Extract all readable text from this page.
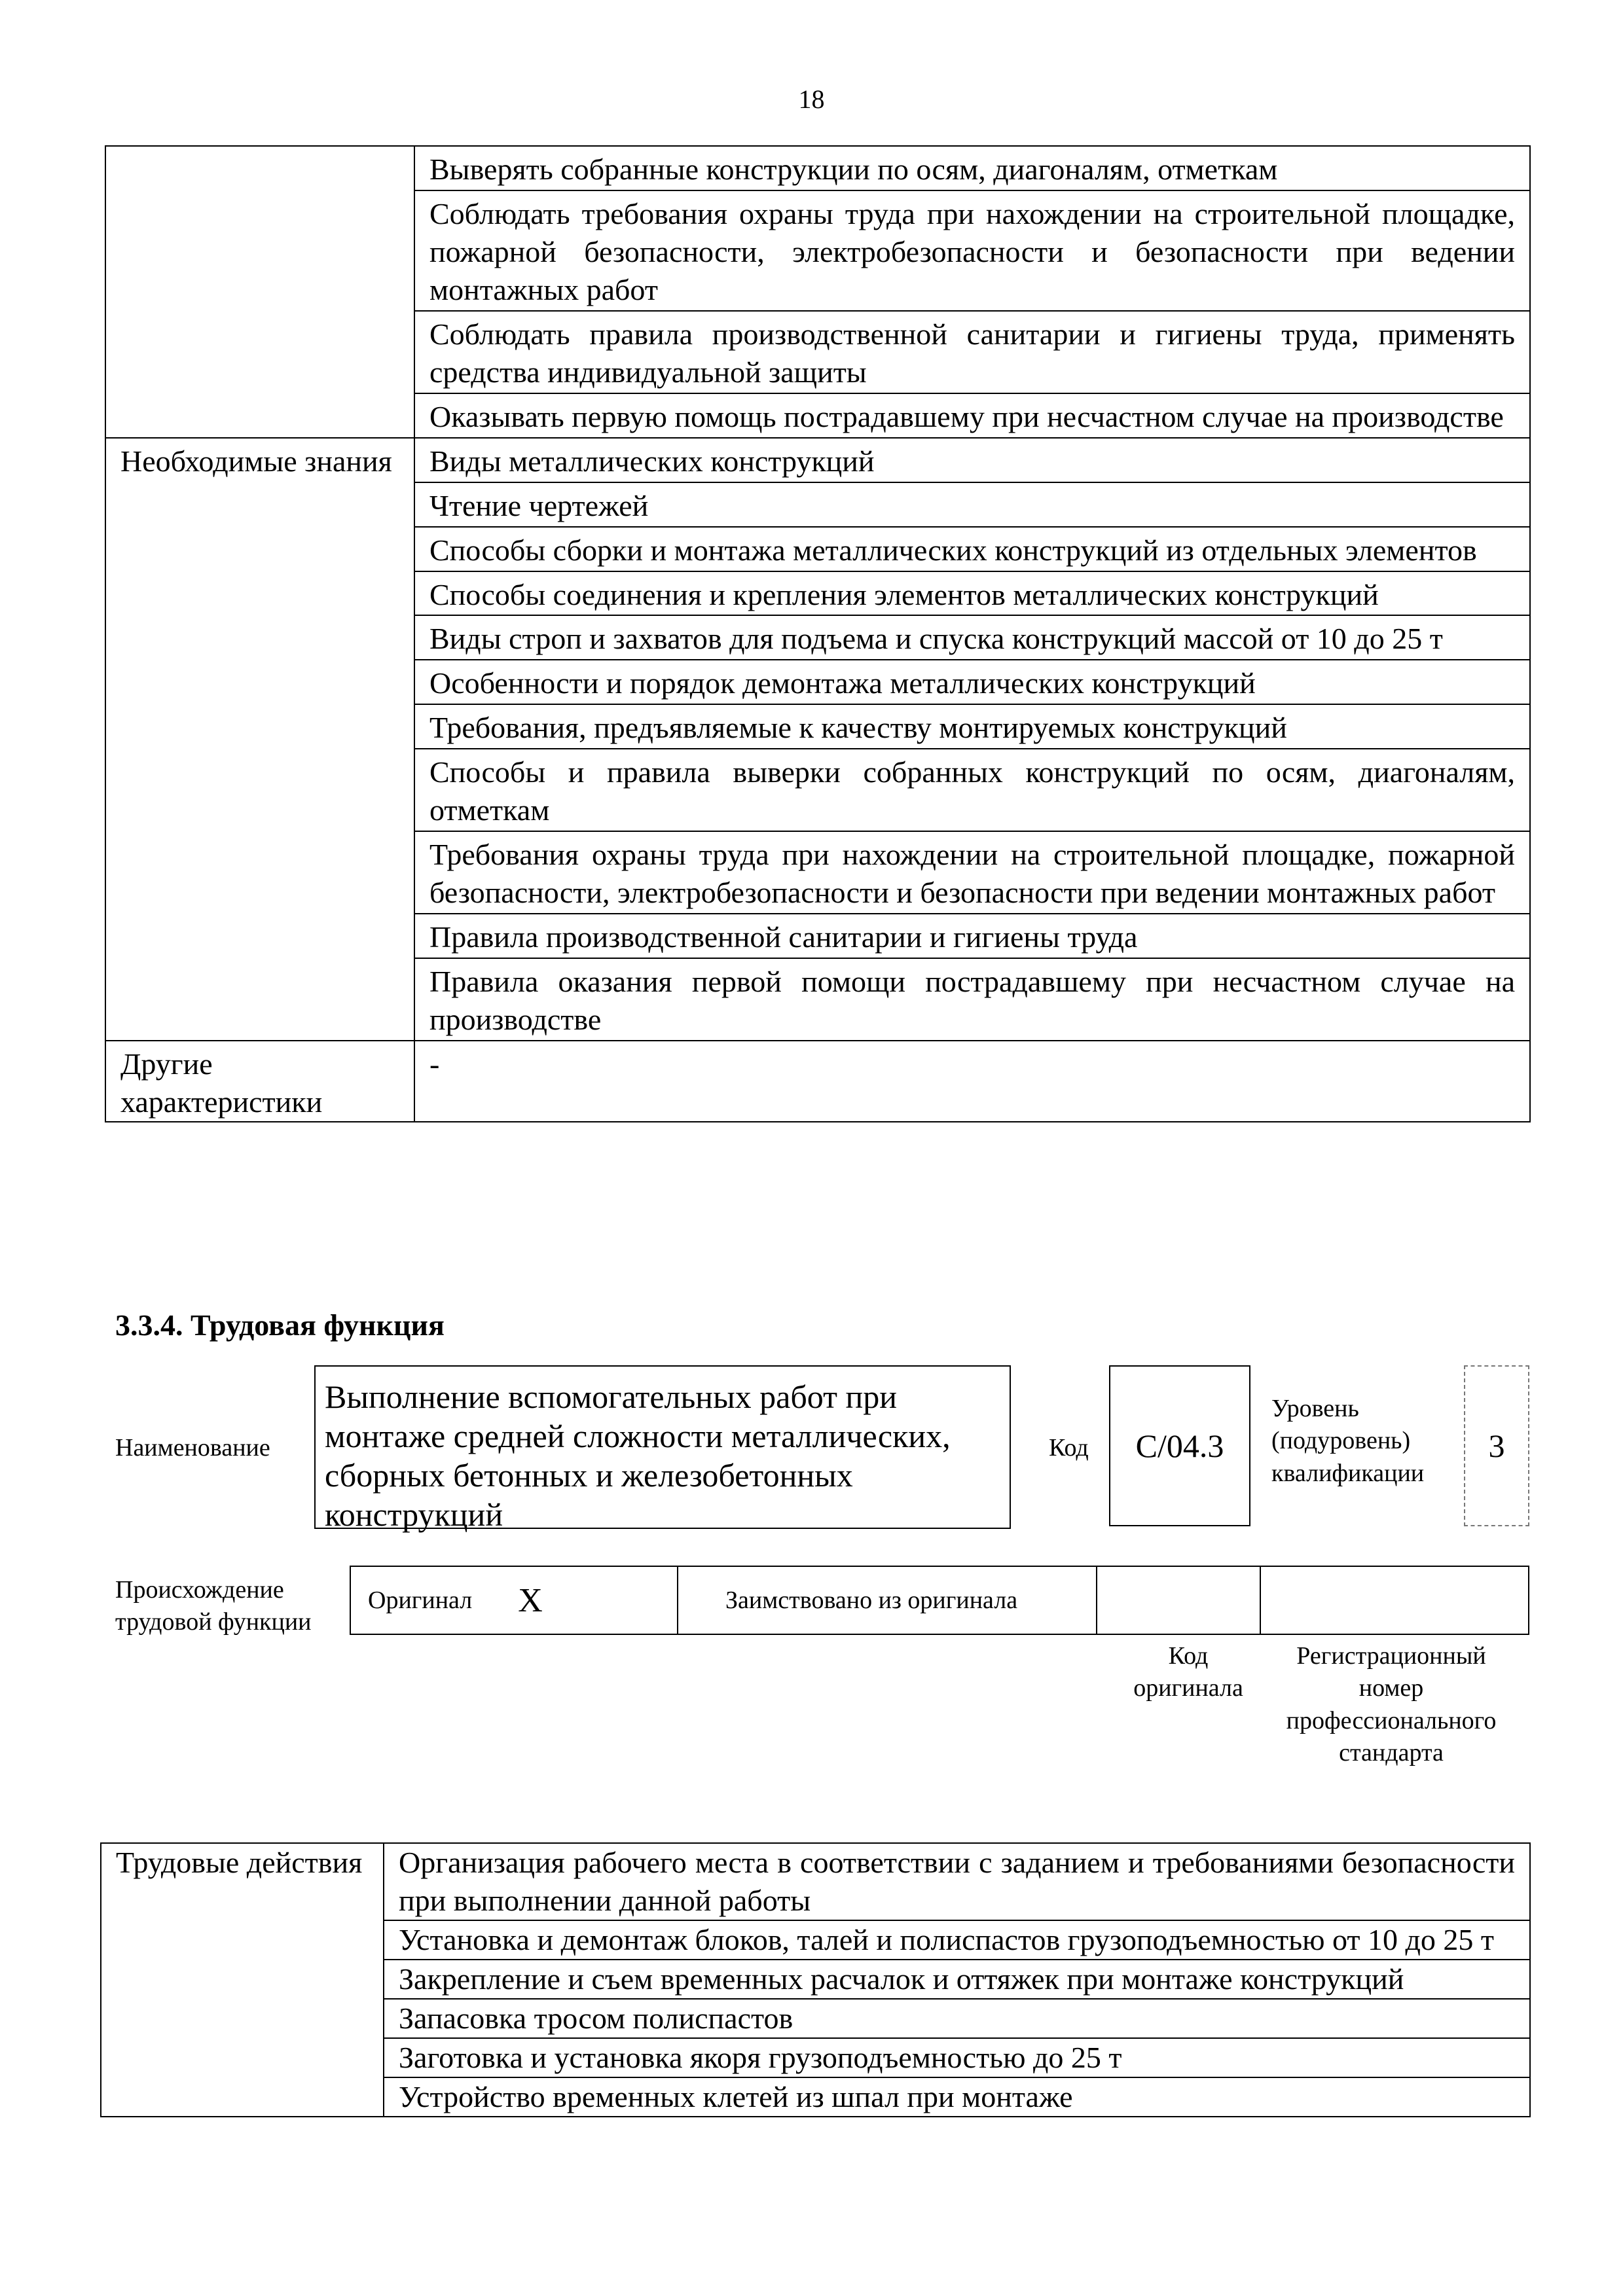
18
	Выверять собранные конструкции по осям, диагоналям, отметкам
	Соблюдать требования охраны труда при нахождении на строительной площадке, пожарной безопасности, электробезопасности и безопасности при ведении монтажных работ
	Соблюдать правила производственной санитарии и гигиены труда, применять средства индивидуальной защиты
	Оказывать первую помощь пострадавшему при несчастном случае на производстве
Необходимые знания	Виды металлических конструкций
	Чтение чертежей
	Способы сборки и монтажа металлических конструкций из отдельных элементов
	Способы соединения и крепления элементов металлических конструкций
	Виды строп и захватов для подъема и спуска конструкций массой от 10 до 25 т
	Особенности и порядок демонтажа металлических конструкций
	Требования, предъявляемые к качеству монтируемых конструкций
	Способы и правила выверки собранных конструкций по осям, диагоналям, отметкам
	Требования охраны труда при нахождении на строительной площадке, пожарной безопасности, электробезопасности и безопасности при ведении монтажных работ
	Правила производственной санитарии и гигиены труда
	Правила оказания первой помощи пострадавшему при несчастном случае на производстве
Другие характеристики	-
3.3.4. Трудовая функция
Наименование
Выполнение вспомогательных работ при монтаже средней сложности металлических, сборных бетонных и железобетонных конструкций
Код	С/04.3
Уровень (подуровень) квалификации
3
Происхождение трудовой функции
Оригинал X	Заимствовано из оригинала
Код оригинала
Регистрационный номер профессионального стандарта
Трудовые действия	Организация рабочего места в соответствии с заданием и требованиями безопасности при выполнении данной работы
Установка и демонтаж блоков, талей и полиспастов грузоподъемностью от 10 до 25 т
Закрепление и съем временных расчалок и оттяжек при монтаже конструкций
Запасовка тросом полиспастов
Заготовка и установка якоря грузоподъемностью до 25 т
Устройство временных клетей из шпал при монтаже
